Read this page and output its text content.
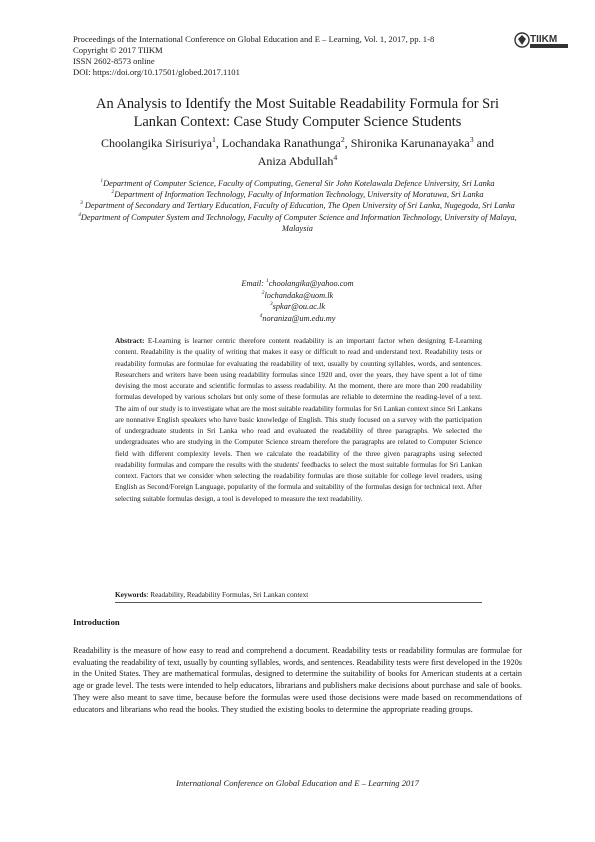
Proceedings of the International Conference on Global Education and E – Learning, Vol. 1, 2017, pp. 1-8
Copyright © 2017 TIIKM
ISSN 2602-8573 online
DOI: https://doi.org/10.17501/globed.2017.1101
TIIKM
An Analysis to Identify the Most Suitable Readability Formula for Sri
Lankan Context: Case Study Computer Science Students
Choolangika Sirisuriya$^1$, Lochandaka Ranathunga$^2$, Shironika Karunanayaka$^3$ and
Aniza Abdullah$^4$
$^1$Department of Computer Science, Faculty of Computing, General Sir John Kotelawala Defence University, Sri Lanka
$^2$Department of Information Technology, Faculty of Information Technology, University of Moratuwa, Sri Lanka
$^3$ Department of Secondary and Tertiary Education, Faculty of Education, The Open University of Sri Lanka, Nugegoda, Sri Lanka
$^4$Department of Computer System and Technology, Faculty of Computer Science and Information Technology, University of Malaya, Malaysia
Email: $^1$choolangika@yahoo.com
$^2$lochandaka@uom.lk
$^3$spkar@ou.ac.lk
$^4$noraniza@um.edu.my
Abstract: E-Learning is learner centric therefore content readability is an important factor when designing E-Learning content. Readability is the quality of writing that makes it easy or difficult to read and understand text. Readability tests or readability formulas are formulae for evaluating the readability of text, usually by counting syllables, words, and sentences. Researchers and writers have been using readability formulas since 1920 and, over the years, they have spent a lot of time devising the most accurate and scientific formulas to assess readability. At the moment, there are more than 200 readability formulas developed by various scholars but only some of these formulas are reliable to determine the reading-level of a text. The aim of our study is to investigate what are the most suitable readability formulas for Sri Lankan context since Sri Lankans are nonnative English speakers who have basic knowledge of English. This study focused on a survey with the participation of undergraduate students in Sri Lanka who read and evaluated the readability of three paragraphs. We selected the undergraduates who are studying in the Computer Science stream therefore the paragraphs are related to Computer Science field with different complexity levels. Then we calculate the readability of the three given paragraphs using selected readability formulas and compare the results with the students' feedbacks to select the most suitable formulas for Sri Lankan context. Factors that we consider when selecting the readability formulas are those suitable for college level readers, using English as Second/Foreign Language, popularity of the formula and suitability of the formulas design for technical text. After selecting suitable formulas design, a tool is developed to measure the text readability.
Keywords: Readability, Readability Formulas, Sri Lankan context
Introduction
Readability is the measure of how easy to read and comprehend a document. Readability tests or readability formulas are formulae for evaluating the readability of text, usually by counting syllables, words, and sentences. Readability tests were first developed in the 1920s in the United States. They are mathematical formulas, designed to determine the suitability of books for American students at a certain age or grade level. The tests were intended to help educators, librarians and publishers make decisions about purchase and sale of books. They were also meant to save time, because before the formulas were used those decisions were made based on recommendations of educators and librarians who read the books. They studied the existing books to determine the appropriate reading groups.
International Conference on Global Education and E – Learning 2017
